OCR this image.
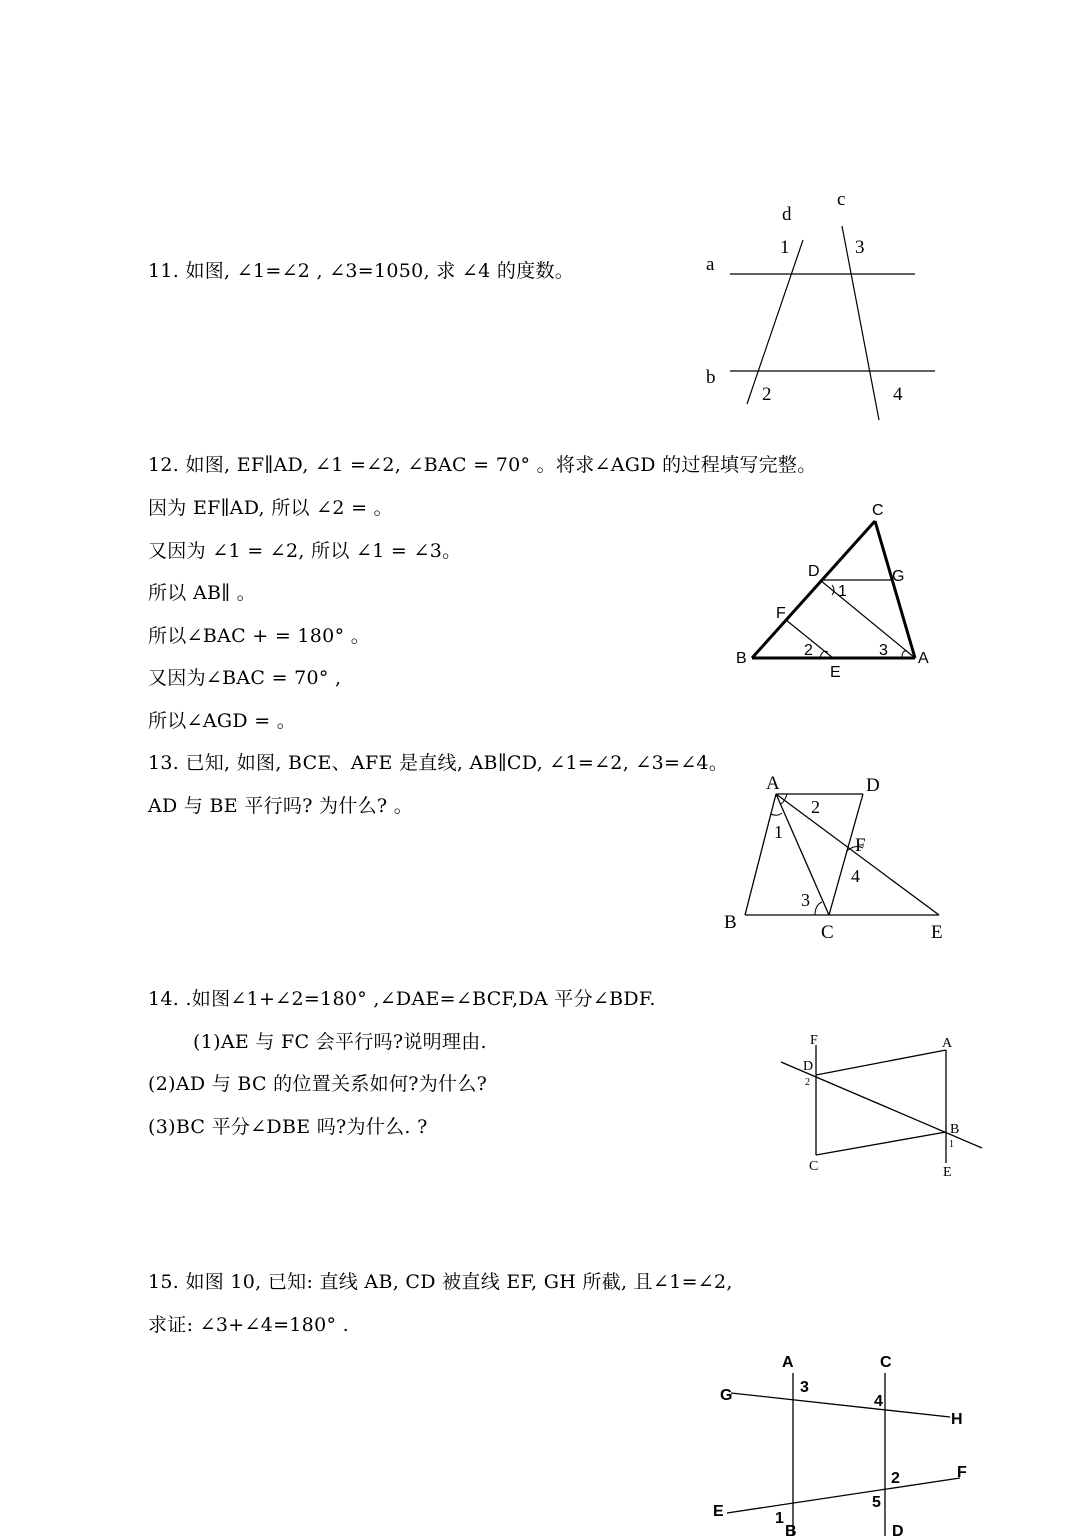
11. 如图, ∠1=∠2 , ∠3=1050, 求 ∠4 的度数。
d
c
a
b
1
2
3
4
12. 如图, EF∥AD, ∠1 =∠2, ∠BAC = 70° 。将求∠AGD 的过程填写完整。
因为 EF∥AD, 所以 ∠2 = 。
又因为 ∠1 = ∠2, 所以 ∠1 = ∠3。
所以 AB∥ 。
所以∠BAC + = 180° 。
又因为∠BAC = 70° ,
所以∠AGD = 。
C
D	G
F
B
E
A
1
2	3
13. 已知, 如图, BCE、AFE 是直线, AB∥CD, ∠1=∠2, ∠3=∠4。
AD 与 BE 平行吗? 为什么? 。
A	D
B	C	E
F
1
2
3
4
14. .如图∠1+∠2=180° ,∠DAE=∠BCF,DA 平分∠BDF.
(1)AE 与 FC 会平行吗?说明理由.
(2)AD 与 BC 的位置关系如何?为什么?
(3)BC 平分∠DBE 吗?为什么. ?
F	A
D
2
B
1
C	E
15. 如图 10, 已知: 直线 AB, CD 被直线 EF, GH 所截, 且∠1=∠2,
求证: ∠3+∠4=180° .
A	C
G
H
3
4
2	F
E
5
1
B	D
